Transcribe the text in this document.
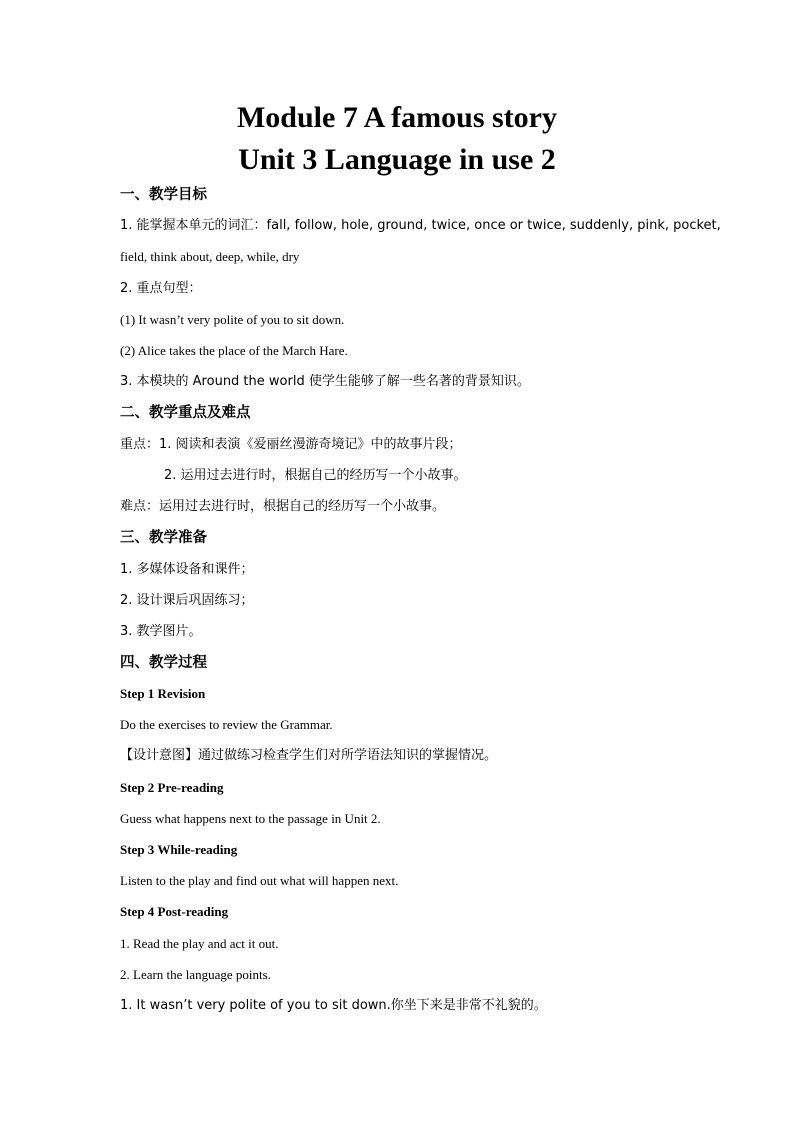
Module 7 A famous story
Unit 3 Language in use 2
一、教学目标
1. 能掌握本单元的词汇：fall, follow, hole, ground, twice, once or twice, suddenly, pink, pocket,
field, think about, deep, while, dry
2. 重点句型：
(1) It wasn’t very polite of you to sit down.
(2) Alice takes the place of the March Hare.
3. 本模块的 Around the world 使学生能够了解一些名著的背景知识。
二、教学重点及难点
重点：1. 阅读和表演《爱丽丝漫游奇境记》中的故事片段；
2. 运用过去进行时，根据自己的经历写一个小故事。
难点：运用过去进行时，根据自己的经历写一个小故事。
三、教学准备
1. 多媒体设备和课件；
2. 设计课后巩固练习；
3. 教学图片。
四、教学过程
Step 1 Revision
Do the exercises to review the Grammar.
【设计意图】通过做练习检查学生们对所学语法知识的掌握情况。
Step 2 Pre-reading
Guess what happens next to the passage in Unit 2.
Step 3 While-reading
Listen to the play and find out what will happen next.
Step 4 Post-reading
1. Read the play and act it out.
2. Learn the language points.
1. It wasn’t very polite of you to sit down.你坐下来是非常不礼貌的。
